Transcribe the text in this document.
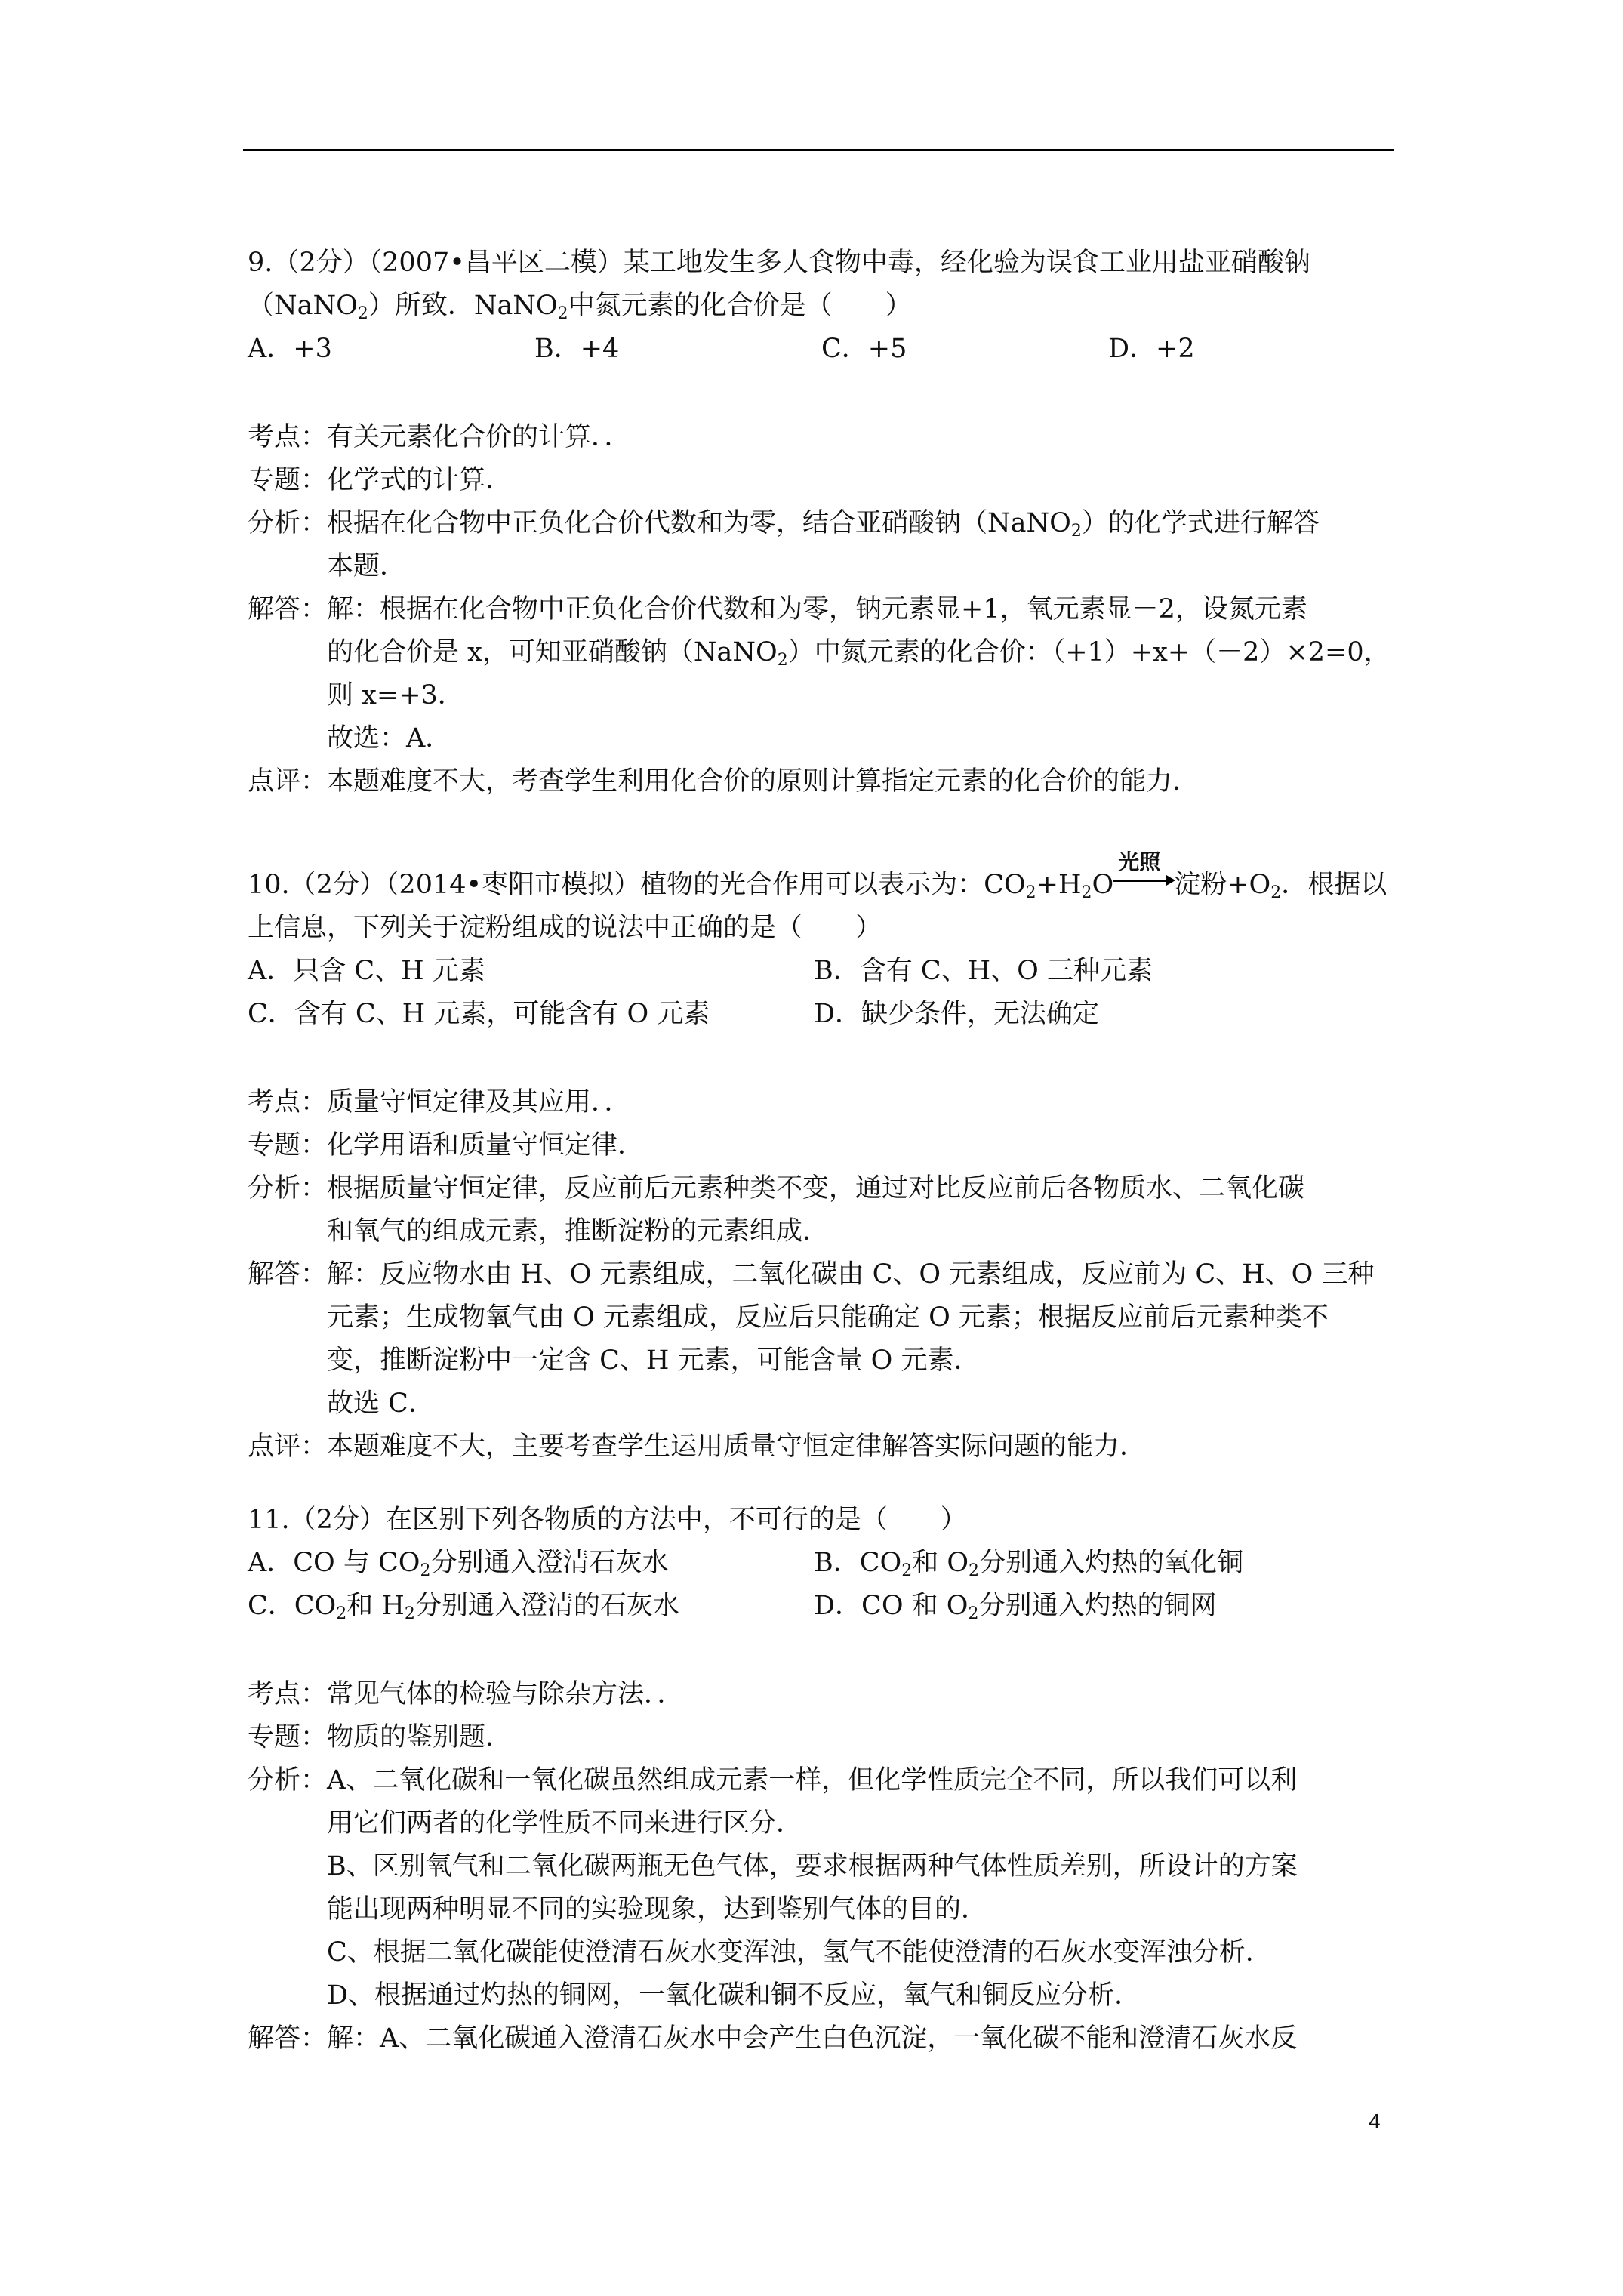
9.（2分）（2007•昌平区二模）某工地发生多人食物中毒，经化验为误食工业用盐亚硝酸钠
（NaNO$_2$）所致．NaNO$_2$中氮元素的化合价是（　　）
A．+3	B．+4	C．+5	D．+2
考点： 有关元素化合价的计算．．
专题： 化学式的计算．
分析： 根据在化合物中正负化合价代数和为零，结合亚硝酸钠（NaNO$_2$）的化学式进行解答
本题．
解答： 解：根据在化合物中正负化合价代数和为零，钠元素显+1，氧元素显－2，设氮元素
的化合价是 x，可知亚硝酸钠（NaNO$_2$）中氮元素的化合价：（+1）+x+（－2）×2=0，
则 x=+3．
故选：A．
点评： 本题难度不大，考查学生利用化合价的原则计算指定元素的化合价的能力．
10.（2分）（2014•枣阳市模拟）植物的光合作用可以表示为：$CO_2+H_2O$
光照
淀粉$+O_2$．根据以
上信息，下列关于淀粉组成的说法中正确的是（　　）
A．只含 C、H 元素	B．含有 C、H、O 三种元素
C．含有 C、H 元素，可能含有 O 元素	D．缺少条件，无法确定
考点： 质量守恒定律及其应用．．
专题： 化学用语和质量守恒定律．
分析： 根据质量守恒定律，反应前后元素种类不变，通过对比反应前后各物质水、二氧化碳
和氧气的组成元素，推断淀粉的元素组成．
解答： 解：反应物水由 H、O 元素组成，二氧化碳由 C、O 元素组成，反应前为 C、H、O 三种
元素；生成物氧气由 O 元素组成，反应后只能确定 O 元素；根据反应前后元素种类不
变，推断淀粉中一定含 C、H 元素，可能含量 O 元素．
故选 C．
点评： 本题难度不大，主要考查学生运用质量守恒定律解答实际问题的能力．
11.（2分）在区别下列各物质的方法中，不可行的是（　　）
A．CO 与 $CO_2$分别通入澄清石灰水	B．$CO_2$和 $O_2$分别通入灼热的氧化铜
C．$CO_2$和 $H_2$分别通入澄清的石灰水	D．CO 和 $O_2$分别通入灼热的铜网
考点： 常见气体的检验与除杂方法．．
专题： 物质的鉴别题．
分析： A、二氧化碳和一氧化碳虽然组成元素一样，但化学性质完全不同，所以我们可以利
用它们两者的化学性质不同来进行区分．
B、区别氧气和二氧化碳两瓶无色气体，要求根据两种气体性质差别，所设计的方案
能出现两种明显不同的实验现象，达到鉴别气体的目的．
C、根据二氧化碳能使澄清石灰水变浑浊，氢气不能使澄清的石灰水变浑浊分析．
D、根据通过灼热的铜网，一氧化碳和铜不反应，氧气和铜反应分析．
解答： 解：A、二氧化碳通入澄清石灰水中会产生白色沉淀，一氧化碳不能和澄清石灰水反
4
